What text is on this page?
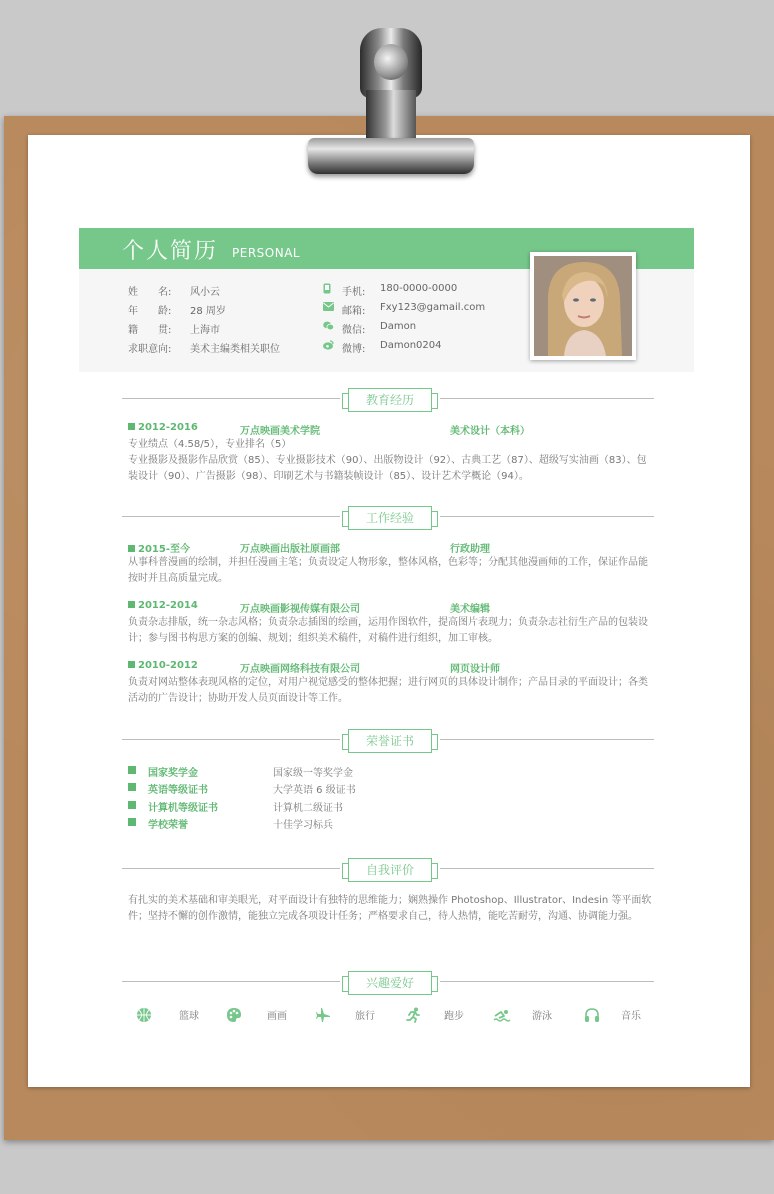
个人简历 PERSONAL
姓　　名:	风小云
年　　龄:	28 周岁
籍　　贯:	上海市
求职意向:	美术主编类相关职位
手机: 180-0000-0000
邮箱: Fxy123@gamail.com
微信: Damon
微博: Damon0204
教育经历
2012-2016	万点映画美术学院	美术设计（本科）
专业绩点（4.58/5），专业排名（5）
专业摄影及摄影作品欣赏（85）、专业摄影技术（90）、出版物设计（92）、古典工艺（87）、超级写实油画（83）、包装设计（90）、广告摄影（98）、印刷艺术与书籍装帧设计（85）、设计艺术学概论（94）。
工作经验
2015-至今	万点映画出版社原画部	行政助理
从事科普漫画的绘制，并担任漫画主笔；负责设定人物形象，整体风格，色彩等；分配其他漫画师的工作，保证作品能按时并且高质量完成。
2012-2014	万点映画影视传媒有限公司	美术编辑
负责杂志排版，统一杂志风格；负责杂志插图的绘画，运用作图软件，提高图片表现力；负责杂志社衍生产品的包装设计；参与图书构思方案的创编、规划；组织美术稿件，对稿件进行组织，加工审核。
2010-2012	万点映画网络科技有限公司	网页设计师
负责对网站整体表现风格的定位，对用户视觉感受的整体把握；进行网页的具体设计制作；产品目录的平面设计；各类活动的广告设计；协助开发人员页面设计等工作。
荣誉证书
国家奖学金	国家级一等奖学金
英语等级证书	大学英语 6 级证书
计算机等级证书	计算机二级证书
学校荣誉	十佳学习标兵
自我评价
有扎实的美术基础和审美眼光，对平面设计有独特的思维能力；娴熟操作 Photoshop、Illustrator、Indesin 等平面软件；坚持不懈的创作激情，能独立完成各项设计任务；严格要求自己，待人热情，能吃苦耐劳，沟通、协调能力强。
兴趣爱好
篮球	画画	旅行	跑步	游泳	音乐
